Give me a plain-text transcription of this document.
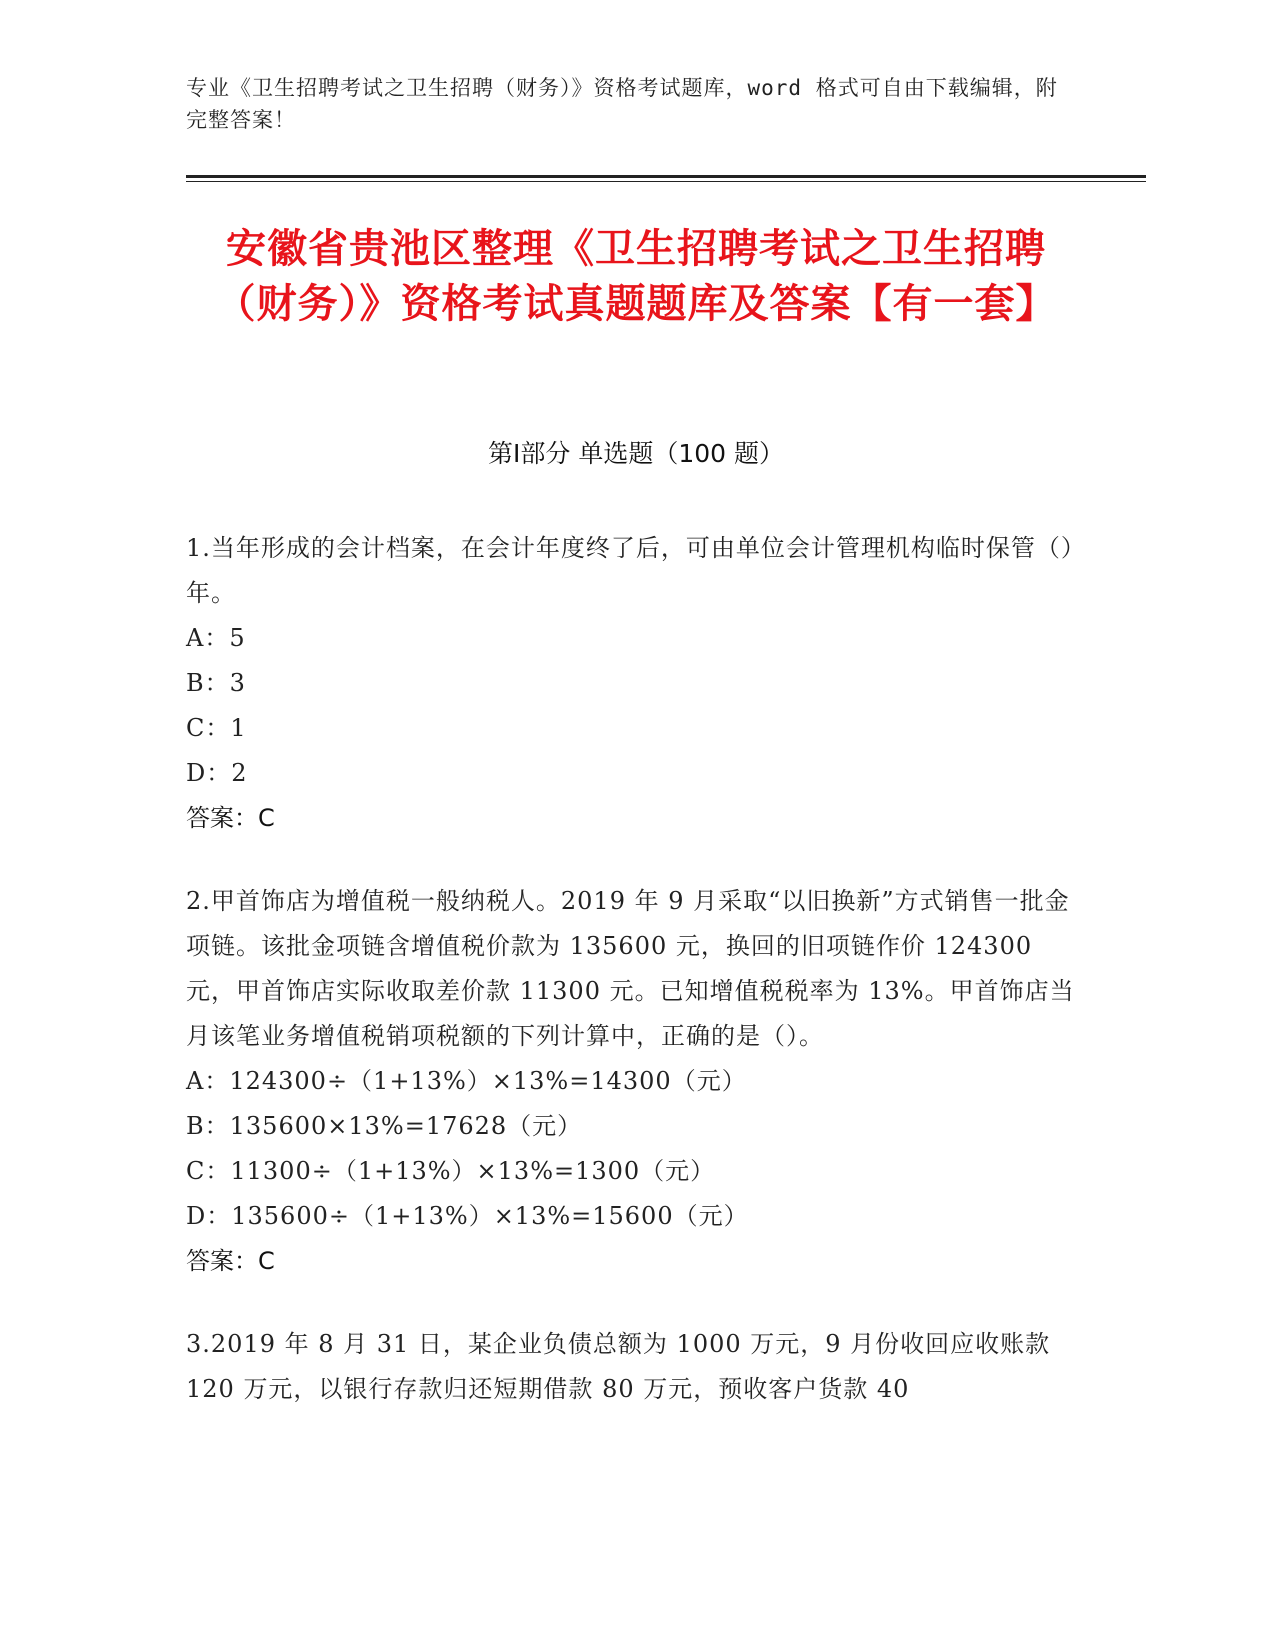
专业《卫生招聘考试之卫生招聘（财务）》资格考试题库，word 格式可自由下载编辑，附完整答案！
安徽省贵池区整理《卫生招聘考试之卫生招聘（财务）》资格考试真题题库及答案【有一套】
第Ⅰ部分 单选题（100 题）

1.当年形成的会计档案，在会计年度终了后，可由单位会计管理机构临时保管（）年。

A：5
B：3
C：1
D：2
答案：C

2.甲首饰店为增值税一般纳税人。2019 年 9 月采取“以旧换新”方式销售一批金项链。该批金项链含增值税价款为 135600 元，换回的旧项链作价 124300 元，甲首饰店实际收取差价款 11300 元。已知增值税税率为 13%。甲首饰店当月该笔业务增值税销项税额的下列计算中，正确的是（）。

A：124300÷（1+13%）×13%=14300（元）
B：135600×13%=17628（元）
C：11300÷（1+13%）×13%=1300（元）
D：135600÷（1+13%）×13%=15600（元）
答案：C

3.2019 年 8 月 31 日，某企业负债总额为 1000 万元，9 月份收回应收账款 120 万元，以银行存款归还短期借款 80 万元，预收客户货款 40
